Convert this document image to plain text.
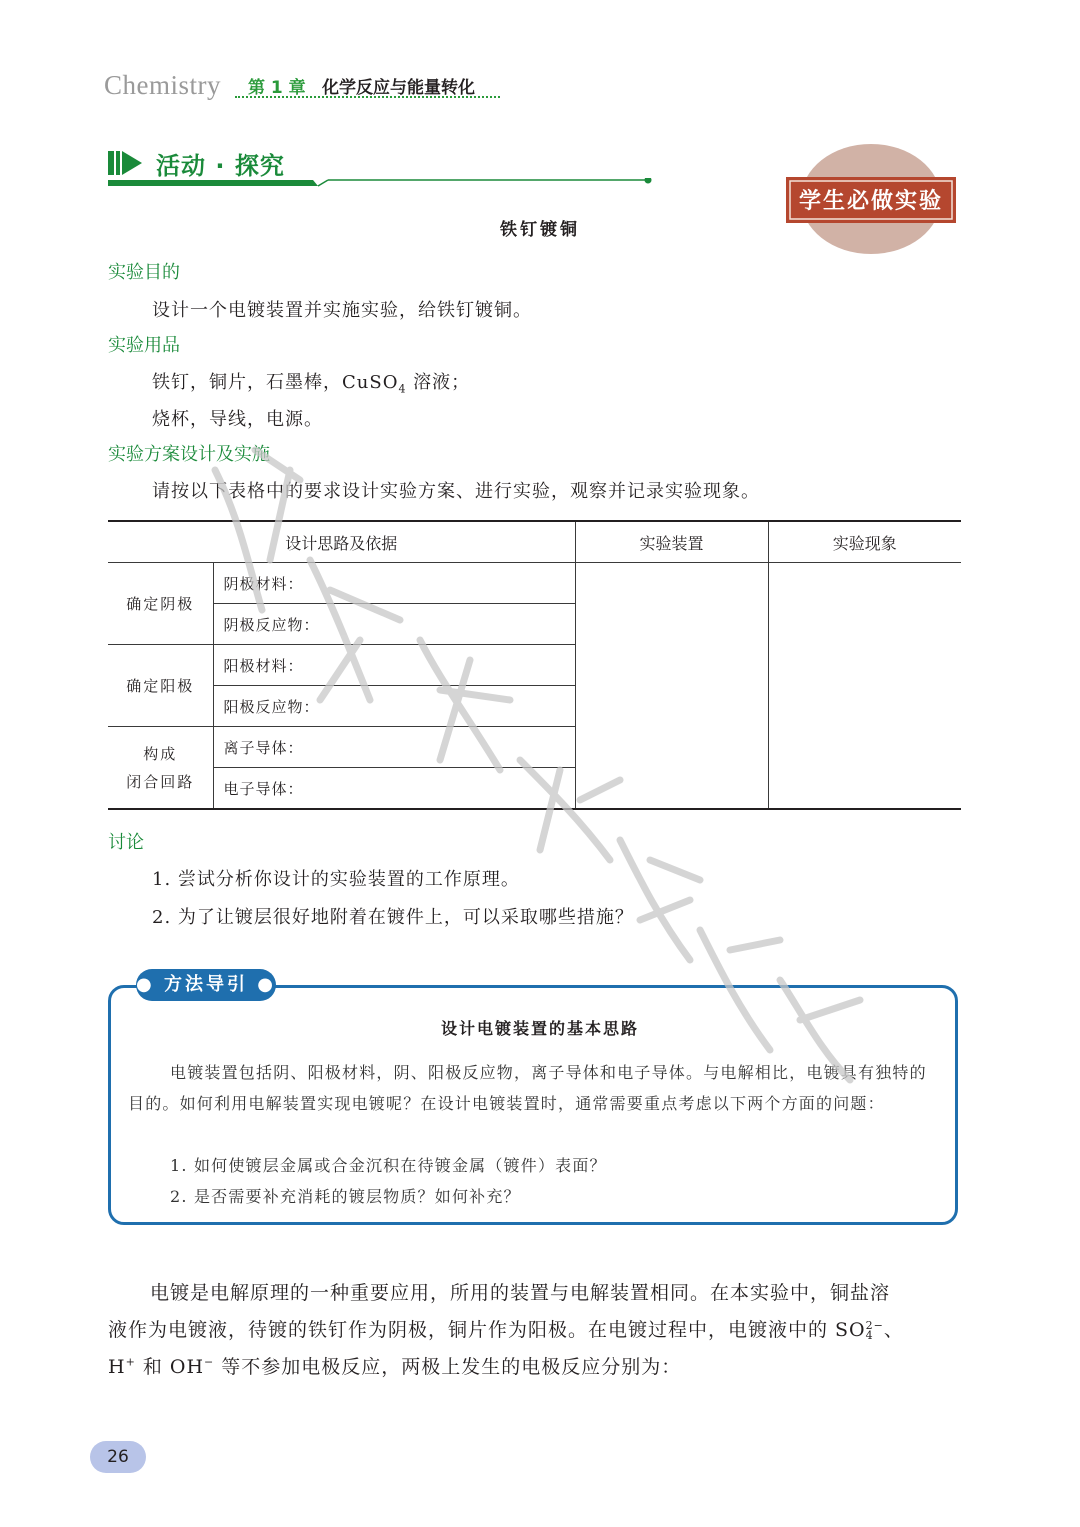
Chemistry 第 1 章 化学反应与能量转化
活动 · 探究
学生必做实验
铁钉镀铜
实验目的
设计一个电镀装置并实施实验，给铁钉镀铜。
实验用品
铁钉，铜片，石墨棒，CuSO$_4$ 溶液；
烧杯，导线，电源。
实验方案设计及实施
请按以下表格中的要求设计实验方案、进行实验，观察并记录实验现象。
设计思路及依据		实验装置	实验现象
确定阴极	阴极材料：		
	阴极反应物：		
确定阳极	阳极材料：		
	阳极反应物：		
构成
闭合回路	离子导体：		
	电子导体：		
讨论
1. 尝试分析你设计的实验装置的工作原理。
2. 为了让镀层很好地附着在镀件上，可以采取哪些措施？
● 方法导引 ●
设计电镀装置的基本思路
电镀装置包括阴、阳极材料，阴、阳极反应物，离子导体和电子导体。与电解相比，电镀具有独特的目的。如何利用电解装置实现电镀呢？在设计电镀装置时，通常需要重点考虑以下两个方面的问题：
1. 如何使镀层金属或合金沉积在待镀金属（镀件）表面？
2. 是否需要补充消耗的镀层物质？如何补充？
电镀是电解原理的一种重要应用，所用的装置与电解装置相同。在本实验中，铜盐溶
液作为电镀液，待镀的铁钉作为阴极，铜片作为阳极。在电镀过程中，电镀液中的 SO2−
4 、
H+ 和 OH− 等不参加电极反应，两极上发生的电极反应分别为：
26
